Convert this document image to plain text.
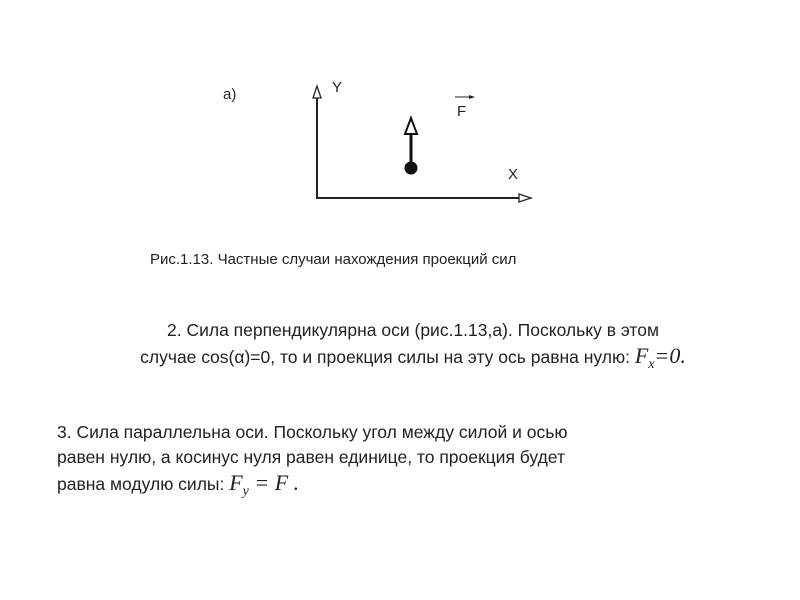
а)	Y
X
F
Рис.1.13. Частные случаи нахождения проекций сил
2. Сила перпендикулярна оси (рис.1.13,а). Поскольку в этом
случае cos(α)=0, то и проекция силы на эту ось равна нулю: $F_x=0$.
3. Сила параллельна оси. Поскольку угол между силой и осью
равен нулю, а косинус нуля равен единице, то проекция будет
равна модулю силы: $F_y = F$ .
